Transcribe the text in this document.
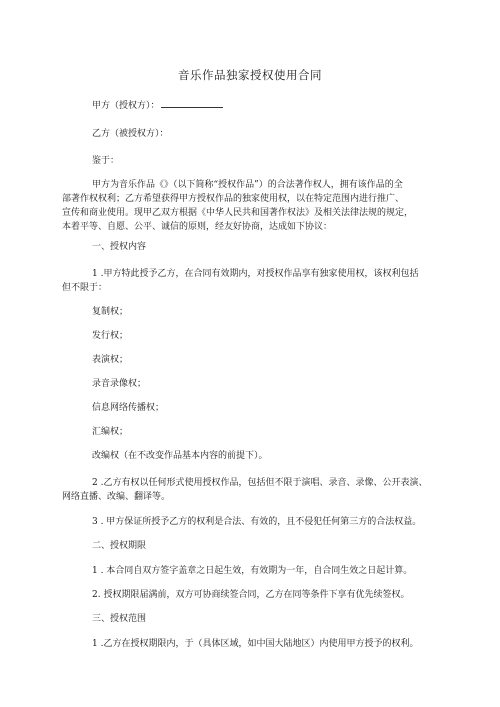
音乐作品独家授权使用合同

甲方（授权方）：

乙方（被授权方）：

鉴于：

甲方为音乐作品《》（以下简称“授权作品”）的合法著作权人，拥有该作品的全

部著作权权利；乙方希望获得甲方授权作品的独家使用权，以在特定范围内进行推广、

宣传和商业使用。现甲乙双方根据《中华人民共和国著作权法》及相关法律法规的规定，

本着平等、自愿、公平、诚信的原则，经友好协商，达成如下协议：

一、授权内容

1 .甲方特此授予乙方，在合同有效期内，对授权作品享有独家使用权，该权利包括

但不限于：

复制权；

发行权；

表演权；

录音录像权；

信息网络传播权；

汇编权；

改编权（在不改变作品基本内容的前提下）。

2 .乙方有权以任何形式使用授权作品，包括但不限于演唱、录音、录像、公开表演、

网络直播、改编、翻译等。

3 . 甲方保证所授予乙方的权利是合法、有效的，且不侵犯任何第三方的合法权益。

二、授权期限

1 . 本合同自双方签字盖章之日起生效，有效期为一年，自合同生效之日起计算。

2. 授权期限届满前，双方可协商续签合同，乙方在同等条件下享有优先续签权。

三、授权范围

1 .乙方在授权期限内，于（具体区域，如中国大陆地区）内使用甲方授予的权利。
